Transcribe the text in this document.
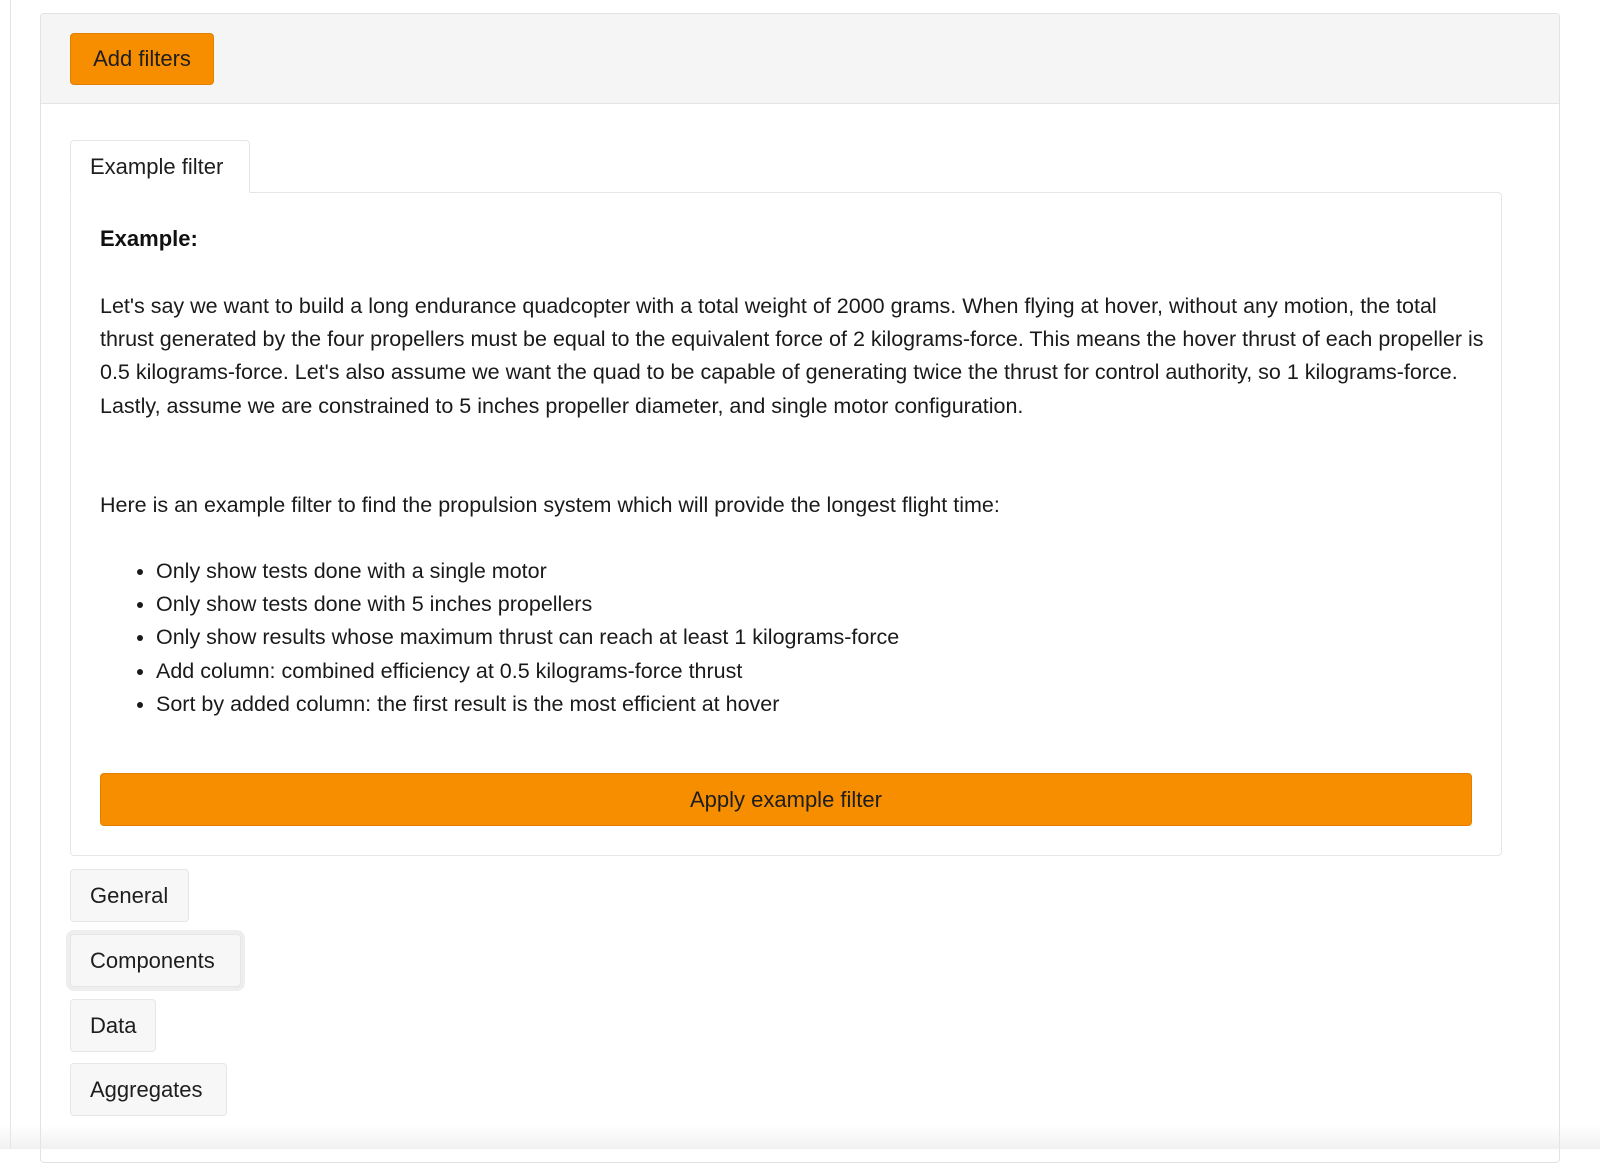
Add filters
Example filter

Example:

Let's say we want to build a long endurance quadcopter with a total weight of 2000 grams. When flying at hover, without any motion, the total thrust generated by the four propellers must be equal to the equivalent force of 2 kilograms-force. This means the hover thrust of each propeller is 0.5 kilograms-force. Let's also assume we want the quad to be capable of generating twice the thrust for control authority, so 1 kilograms-force. Lastly, assume we are constrained to 5 inches propeller diameter, and single motor configuration.

Here is an example filter to find the propulsion system which will provide the longest flight time:

• Only show tests done with a single motor
• Only show tests done with 5 inches propellers
• Only show results whose maximum thrust can reach at least 1 kilograms-force
• Add column: combined efficiency at 0.5 kilograms-force thrust
• Sort by added column: the first result is the most efficient at hover
Apply example filter
General
Components
Data
Aggregates
